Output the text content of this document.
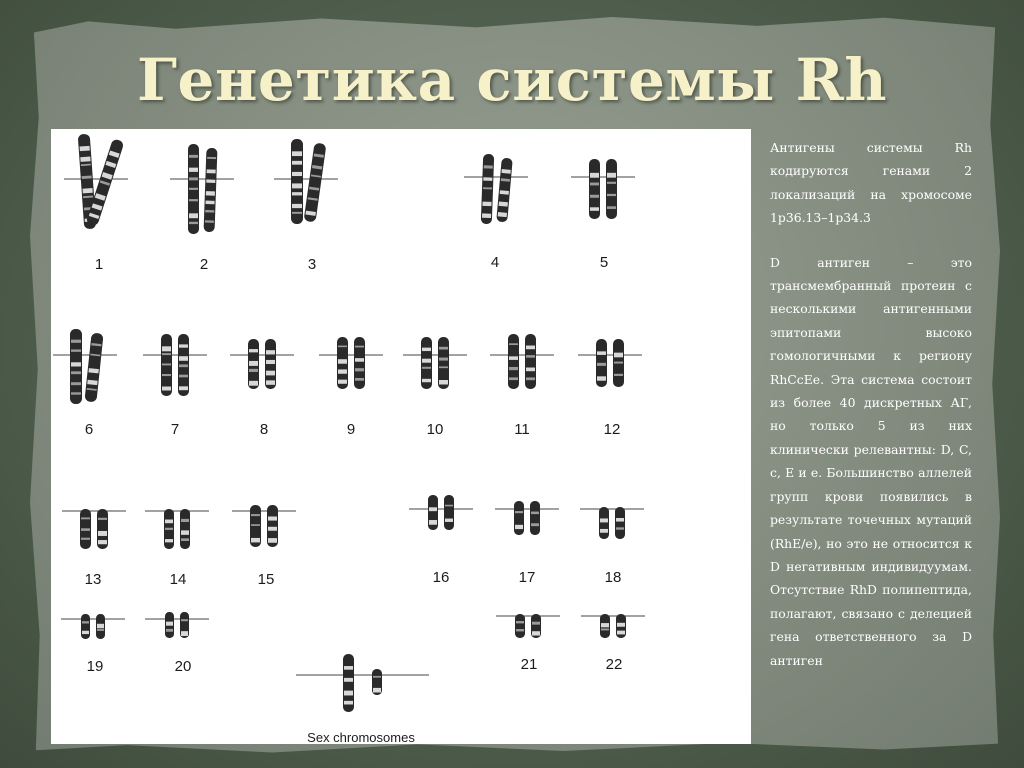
Генетика системы Rh
1	2	3	4	5
6	7	8	9	10	11	12
13	14	15	16	17	18
19	20	21	22
Sex chromosomes

Антигены системы Rh кодируются генами 2 локализаций на хромосоме 1p36.13–1p34.3

D антиген – это трансмембранный протеин с несколькими антигенными эпитопами высоко гомологичными к региону RhCcEe. Эта система состоит из более 40 дискретных АГ, но только 5 из них клинически релевантны: D, C, c, E и e. Большинство аллелей групп крови появились в результате точечных мутаций (RhE/e), но это не относится к D негативным индивидуумам. Отсутствие RhD полипептида, полагают, связано с делецией гена ответственного за D антиген
